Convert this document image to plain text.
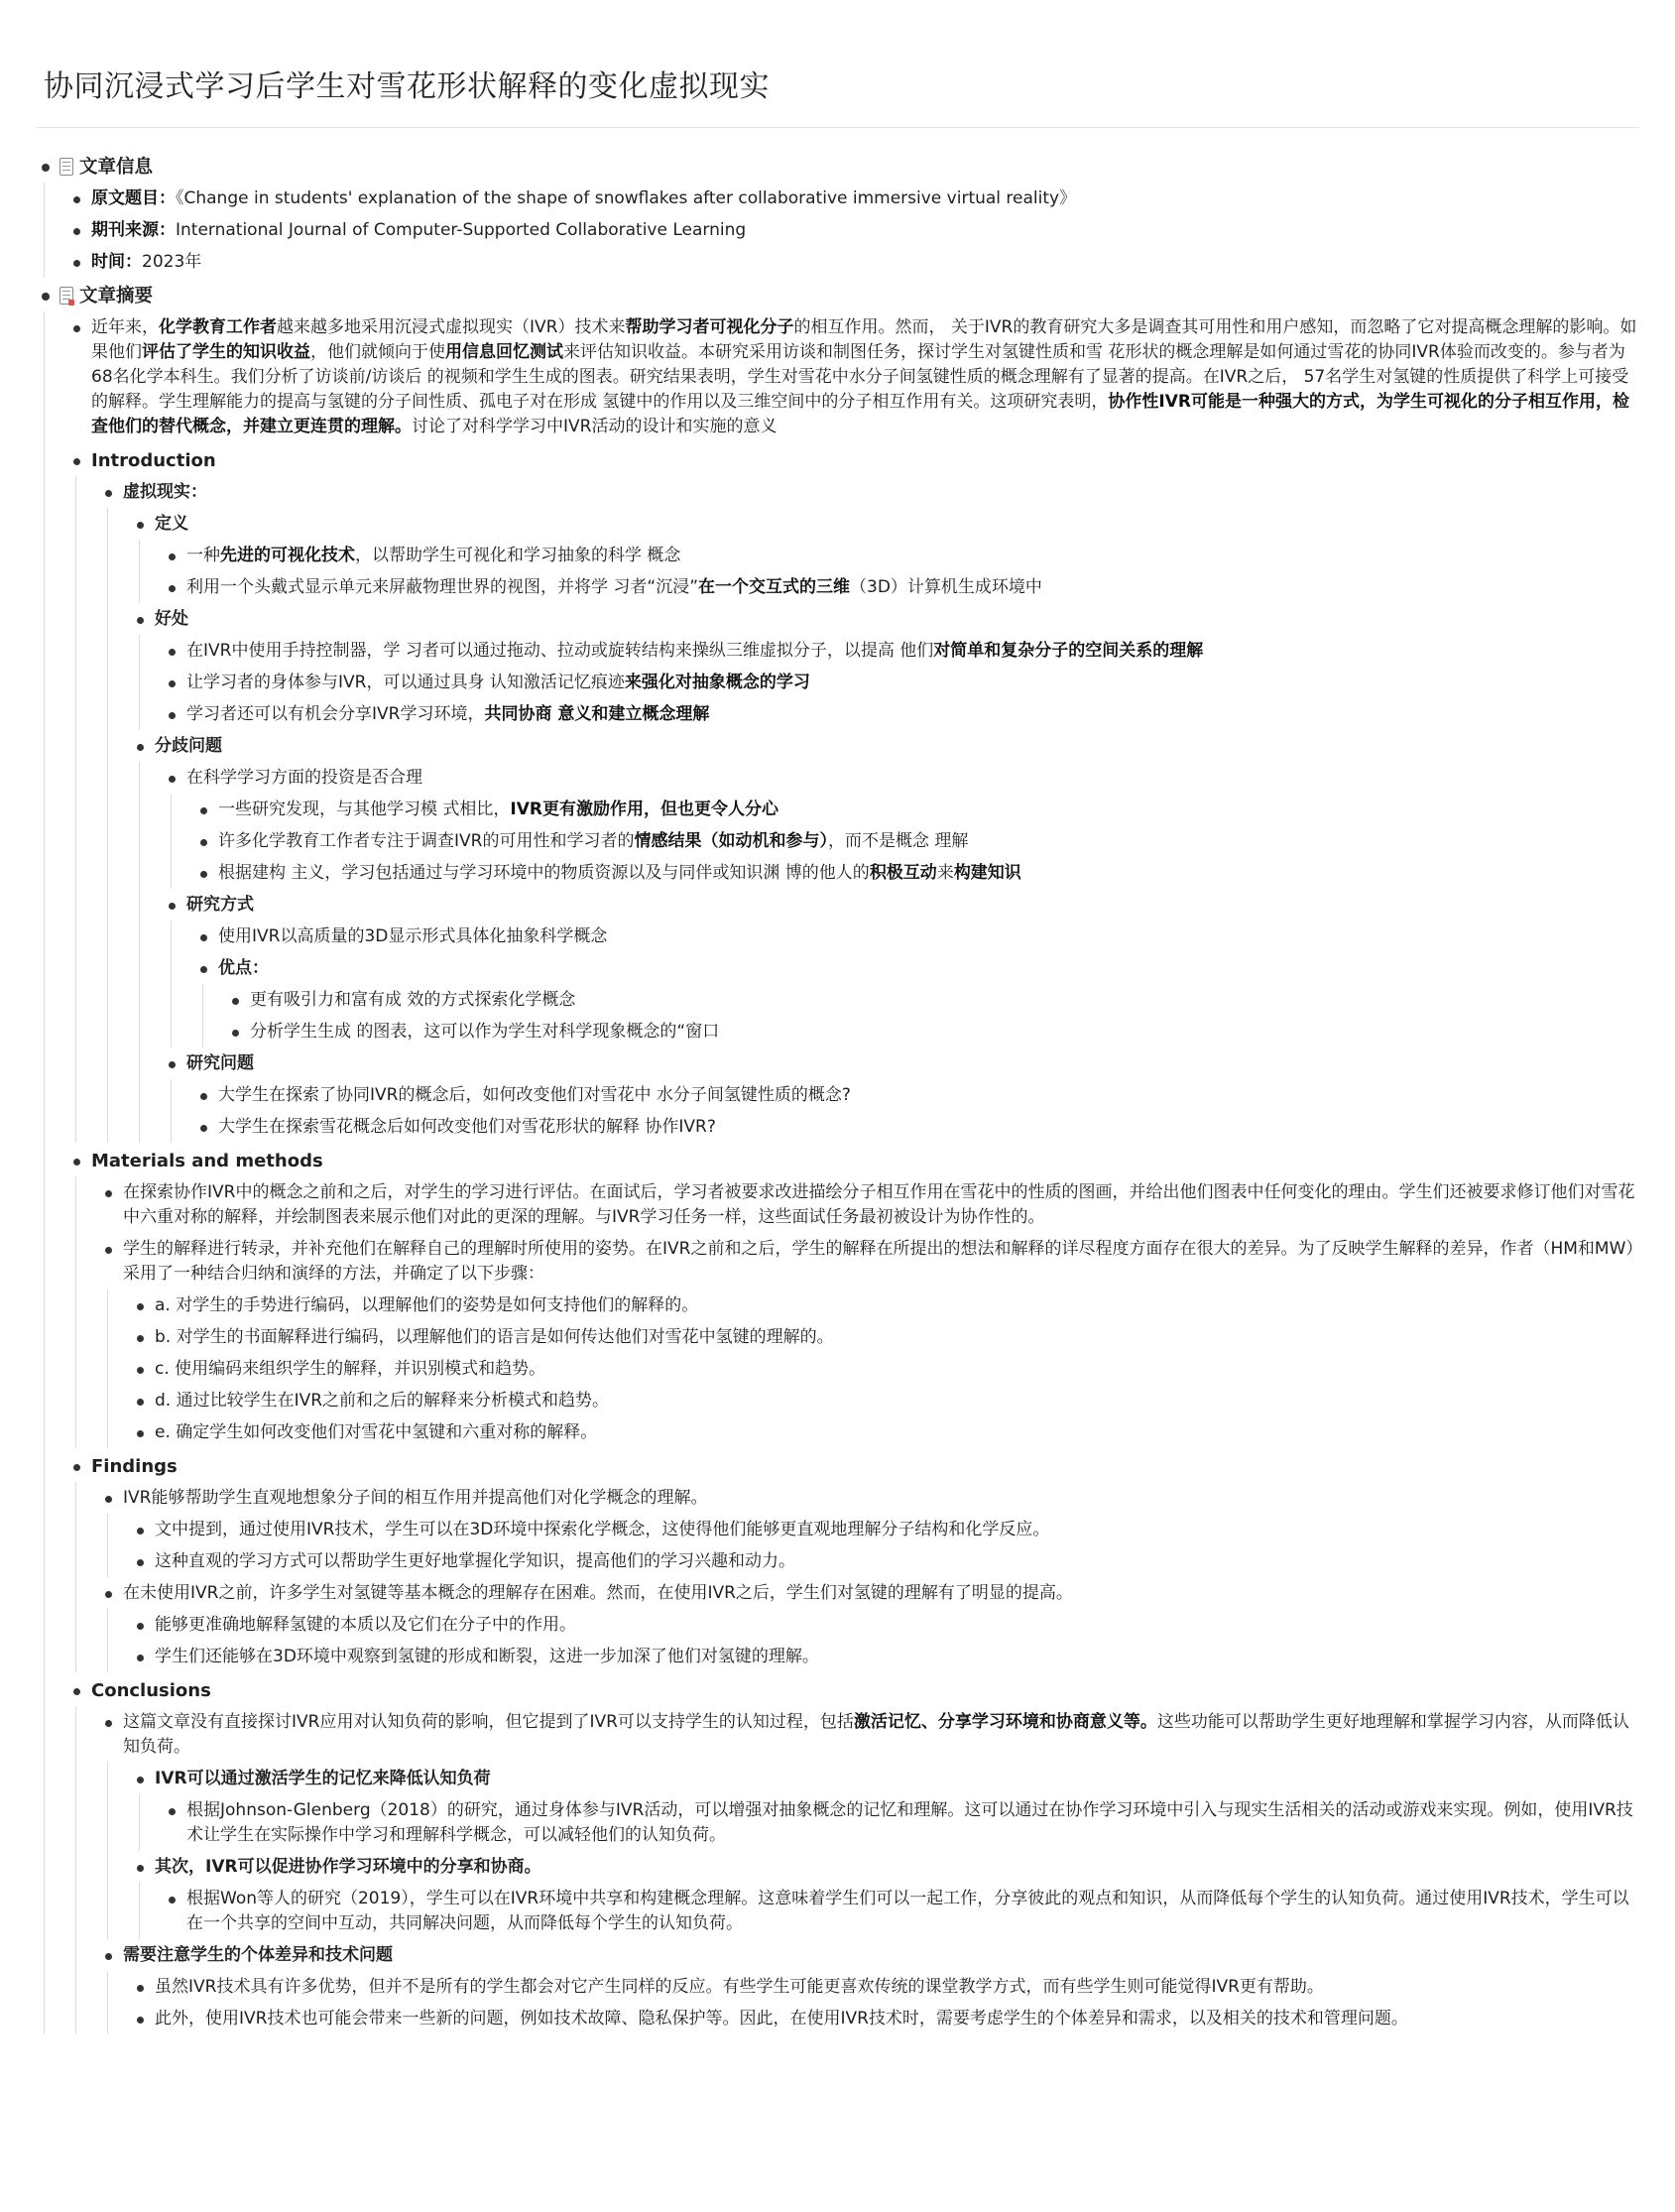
协同沉浸式学习后学生对雪花形状解释的变化虚拟现实
文章信息
原文题目：《Change in students' explanation of the shape of snowflakes after collaborative immersive virtual reality》
期刊来源：International Journal of Computer-Supported Collaborative Learning
时间：2023年
文章摘要
近年来，化学教育工作者越来越多地采用沉浸式虚拟现实（IVR）技术来帮助学习者可视化分子的相互作用。然而， 关于IVR的教育研究大多是调查其可用性和用户感知，而忽略了它对提高概念理解的影响。如果他们评估了学生的知识收益，他们就倾向于使用信息回忆测试来评估知识收益。本研究采用访谈和制图任务，探讨学生对氢键性质和雪 花形状的概念理解是如何通过雪花的协同IVR体验而改变的。参与者为68名化学本科生。我们分析了访谈前/访谈后 的视频和学生生成的图表。研究结果表明，学生对雪花中水分子间氢键性质的概念理解有了显著的提高。在IVR之后， 57名学生对氢键的性质提供了科学上可接受的解释。学生理解能力的提高与氢键的分子间性质、孤电子对在形成 氢键中的作用以及三维空间中的分子相互作用有关。这项研究表明，协作性IVR可能是一种强大的方式，为学生可视化的分子相互作用，检查他们的替代概念，并建立更连贯的理解。讨论了对科学学习中IVR活动的设计和实施的意义
Introduction
虚拟现实：
定义
一种先进的可视化技术，以帮助学生可视化和学习抽象的科学 概念
利用一个头戴式显示单元来屏蔽物理世界的视图，并将学 习者“沉浸”在一个交互式的三维（3D）计算机生成环境中
好处
在IVR中使用手持控制器，学 习者可以通过拖动、拉动或旋转结构来操纵三维虚拟分子，以提高 他们对简单和复杂分子的空间关系的理解
让学习者的身体参与IVR，可以通过具身 认知激活记忆痕迹来强化对抽象概念的学习
学习者还可以有机会分享IVR学习环境，共同协商 意义和建立概念理解
分歧问题
在科学学习方面的投资是否合理
一些研究发现，与其他学习模 式相比，IVR更有激励作用，但也更令人分心
许多化学教育工作者专注于调查IVR的可用性和学习者的情感结果（如动机和参与），而不是概念 理解
根据建构 主义，学习包括通过与学习环境中的物质资源以及与同伴或知识渊 博的他人的积极互动来构建知识
研究方式
使用IVR以高质量的3D显示形式具体化抽象科学概念
优点：
更有吸引力和富有成 效的方式探索化学概念
分析学生生成 的图表，这可以作为学生对科学现象概念的“窗口
研究问题
大学生在探索了协同IVR的概念后，如何改变他们对雪花中 水分子间氢键性质的概念?
大学生在探索雪花概念后如何改变他们对雪花形状的解释 协作IVR?
Materials and methods
在探索协作IVR中的概念之前和之后，对学生的学习进行评估。在面试后，学习者被要求改进描绘分子相互作用在雪花中的性质的图画，并给出他们图表中任何变化的理由。学生们还被要求修订他们对雪花中六重对称的解释，并绘制图表来展示他们对此的更深的理解。与IVR学习任务一样，这些面试任务最初被设计为协作性的。
学生的解释进行转录，并补充他们在解释自己的理解时所使用的姿势。在IVR之前和之后，学生的解释在所提出的想法和解释的详尽程度方面存在很大的差异。为了反映学生解释的差异，作者（HM和MW）采用了一种结合归纳和演绎的方法，并确定了以下步骤：
a. 对学生的手势进行编码，以理解他们的姿势是如何支持他们的解释的。
b. 对学生的书面解释进行编码，以理解他们的语言是如何传达他们对雪花中氢键的理解的。
c. 使用编码来组织学生的解释，并识别模式和趋势。
d. 通过比较学生在IVR之前和之后的解释来分析模式和趋势。
e. 确定学生如何改变他们对雪花中氢键和六重对称的解释。
Findings
IVR能够帮助学生直观地想象分子间的相互作用并提高他们对化学概念的理解。
文中提到，通过使用IVR技术，学生可以在3D环境中探索化学概念，这使得他们能够更直观地理解分子结构和化学反应。
这种直观的学习方式可以帮助学生更好地掌握化学知识，提高他们的学习兴趣和动力。
在未使用IVR之前，许多学生对氢键等基本概念的理解存在困难。然而，在使用IVR之后，学生们对氢键的理解有了明显的提高。
能够更准确地解释氢键的本质以及它们在分子中的作用。
学生们还能够在3D环境中观察到氢键的形成和断裂，这进一步加深了他们对氢键的理解。
Conclusions
这篇文章没有直接探讨IVR应用对认知负荷的影响，但它提到了IVR可以支持学生的认知过程，包括激活记忆、分享学习环境和协商意义等。这些功能可以帮助学生更好地理解和掌握学习内容，从而降低认知负荷。
IVR可以通过激活学生的记忆来降低认知负荷
根据Johnson-Glenberg（2018）的研究，通过身体参与IVR活动，可以增强对抽象概念的记忆和理解。这可以通过在协作学习环境中引入与现实生活相关的活动或游戏来实现。例如，使用IVR技术让学生在实际操作中学习和理解科学概念，可以减轻他们的认知负荷。
其次，IVR可以促进协作学习环境中的分享和协商。
根据Won等人的研究（2019），学生可以在IVR环境中共享和构建概念理解。这意味着学生们可以一起工作，分享彼此的观点和知识，从而降低每个学生的认知负荷。通过使用IVR技术，学生可以在一个共享的空间中互动，共同解决问题，从而降低每个学生的认知负荷。
需要注意学生的个体差异和技术问题
虽然IVR技术具有许多优势，但并不是所有的学生都会对它产生同样的反应。有些学生可能更喜欢传统的课堂教学方式，而有些学生则可能觉得IVR更有帮助。
此外，使用IVR技术也可能会带来一些新的问题，例如技术故障、隐私保护等。因此，在使用IVR技术时，需要考虑学生的个体差异和需求，以及相关的技术和管理问题。
